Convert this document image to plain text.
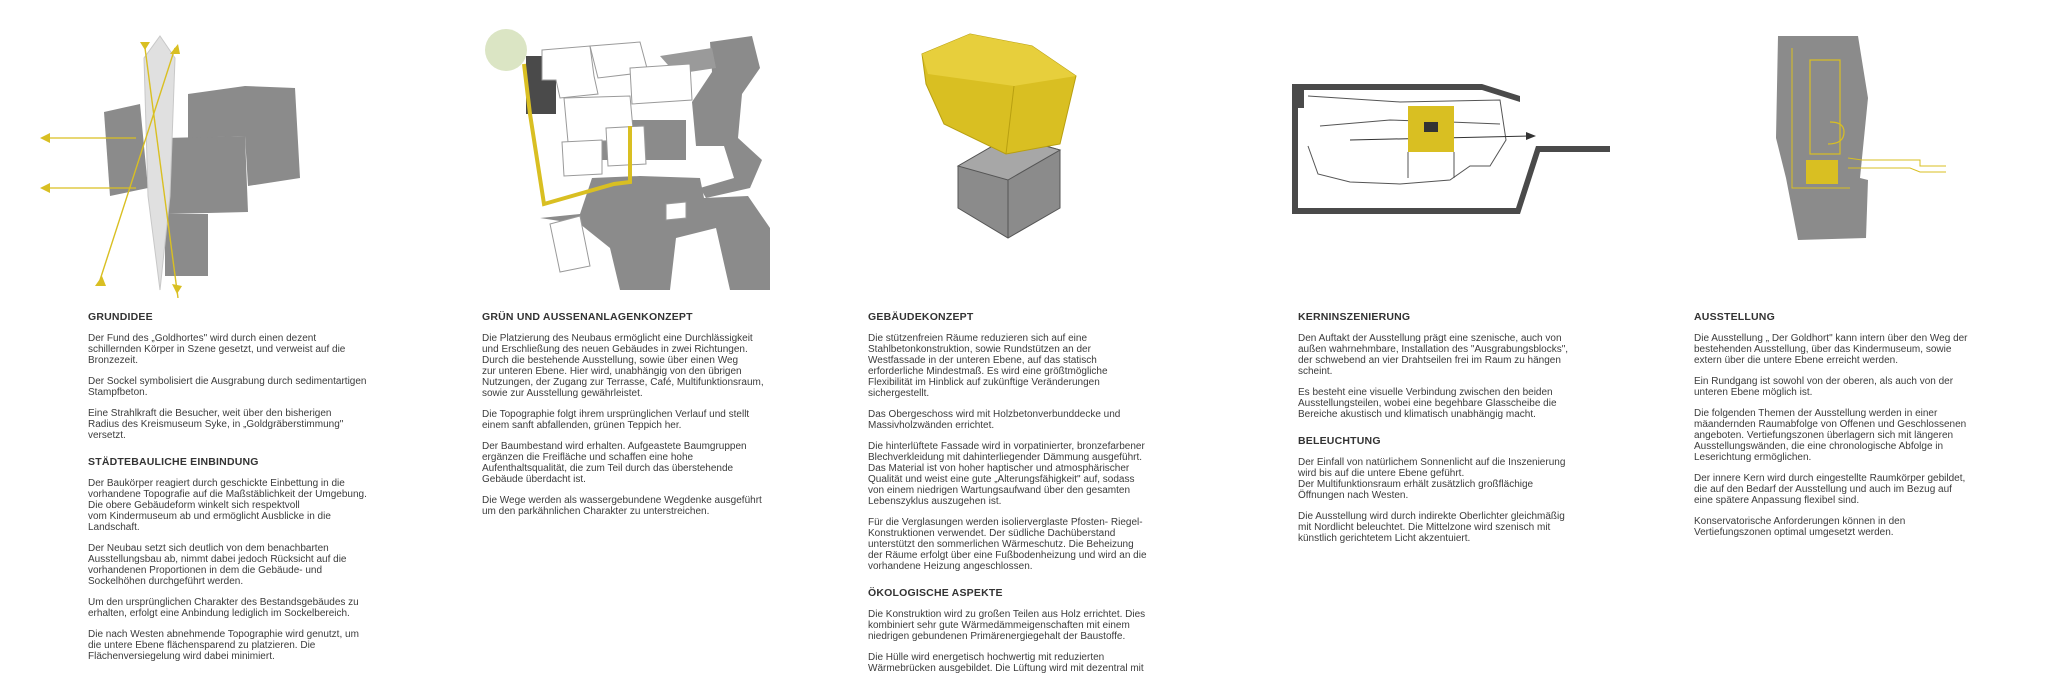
GRUNDIDEE

Der Fund des „Goldhortes" wird durch einen dezent
schillernden Körper in Szene gesetzt, und verweist auf die
Bronzezeit.

Der Sockel symbolisiert die Ausgrabung durch sedimentartigen
Stampfbeton.

Eine Strahlkraft die Besucher, weit über den bisherigen
Radius des Kreismuseum Syke, in „Goldgräberstimmung"
versetzt.

STÄDTEBAULICHE EINBINDUNG

Der Baukörper reagiert durch geschickte Einbettung in die
vorhandene Topografie auf die Maßstäblichkeit der Umgebung.
Die obere Gebäudeform winkelt sich respektvoll
vom Kindermuseum ab und ermöglicht Ausblicke in die
Landschaft.

Der Neubau setzt sich deutlich von dem benachbarten
Ausstellungsbau ab, nimmt dabei jedoch Rücksicht auf die
vorhandenen Proportionen in dem die Gebäude- und
Sockelhöhen durchgeführt werden.

Um den ursprünglichen Charakter des Bestandsgebäudes zu
erhalten, erfolgt eine Anbindung lediglich im Sockelbereich.

Die nach Westen abnehmende Topographie wird genutzt, um
die untere Ebene flächensparend zu platzieren. Die
Flächenversiegelung wird dabei minimiert.

GRÜN UND AUSSENANLAGENKONZEPT

Die Platzierung des Neubaus ermöglicht eine Durchlässigkeit
und Erschließung des neuen Gebäudes in zwei Richtungen.
Durch die bestehende Ausstellung, sowie über einen Weg
zur unteren Ebene. Hier wird, unabhängig von den übrigen
Nutzungen, der Zugang zur Terrasse, Café, Multifunktionsraum,
sowie zur Ausstellung gewährleistet.

Die Topographie folgt ihrem ursprünglichen Verlauf und stellt
einem sanft abfallenden, grünen Teppich her.

Der Baumbestand wird erhalten. Aufgeastete Baumgruppen
ergänzen die Freifläche und schaffen eine hohe
Aufenthaltsqualität, die zum Teil durch das überstehende
Gebäude überdacht ist.

Die Wege werden als wassergebundene Wegdenke ausgeführt
um den parkähnlichen Charakter zu unterstreichen.

GEBÄUDEKONZEPT

Die stützenfreien Räume reduzieren sich auf eine
Stahlbetonkonstruktion, sowie Rundstützen an der
Westfassade in der unteren Ebene, auf das statisch
erforderliche Mindestmaß. Es wird eine größtmögliche
Flexibilität im Hinblick auf zukünftige Veränderungen
sichergestellt.

Das Obergeschoss wird mit Holzbetonverbunddecke und
Massivholzwänden errichtet.

Die hinterlüftete Fassade wird in vorpatinierter, bronzefarbener
Blechverkleidung mit dahinterliegender Dämmung ausgeführt.
Das Material ist von hoher haptischer und atmosphärischer
Qualität und weist eine gute „Alterungsfähigkeit" auf, sodass
von einem niedrigen Wartungsaufwand über den gesamten
Lebenszyklus auszugehen ist.

Für die Verglasungen werden isolierverglaste Pfosten- Riegel-
Konstruktionen verwendet. Der südliche Dachüberstand
unterstützt den sommerlichen Wärmeschutz. Die Beheizung
der Räume erfolgt über eine Fußbodenheizung und wird an die
vorhandene Heizung angeschlossen.

ÖKOLOGISCHE ASPEKTE

Die Konstruktion wird zu großen Teilen aus Holz errichtet. Dies
kombiniert sehr gute Wärmedämmeigenschaften mit einem
niedrigen gebundenen Primärenergiegehalt der Baustoffe.

Die Hülle wird energetisch hochwertig mit reduzierten
Wärmebrücken ausgebildet. Die Lüftung wird mit dezentral mit

KERNINSZENIERUNG

Den Auftakt der Ausstellung prägt eine szenische, auch von
außen wahrnehmbare, Installation des "Ausgrabungsblocks",
der schwebend an vier Drahtseilen frei im Raum zu hängen
scheint.

Es besteht eine visuelle Verbindung zwischen den beiden
Ausstellungsteilen, wobei eine begehbare Glasscheibe die
Bereiche akustisch und klimatisch unabhängig macht.

BELEUCHTUNG

Der Einfall von natürlichem Sonnenlicht auf die Inszenierung
wird bis auf die untere Ebene geführt.
Der Multifunktionsraum erhält zusätzlich großflächige
Öffnungen nach Westen.

Die Ausstellung wird durch indirekte Oberlichter gleichmäßig
mit Nordlicht beleuchtet. Die Mittelzone wird szenisch mit
künstlich gerichtetem Licht akzentuiert.

AUSSTELLUNG

Die Ausstellung „ Der Goldhort" kann intern über den Weg der
bestehenden Ausstellung, über das Kindermuseum, sowie
extern über die untere Ebene erreicht werden.

Ein Rundgang ist sowohl von der oberen, als auch von der
unteren Ebene möglich ist.

Die folgenden Themen der Ausstellung werden in einer
mäandernden Raumabfolge von Offenen und Geschlossenen
angeboten. Vertiefungszonen überlagern sich mit längeren
Ausstellungswänden, die eine chronologische Abfolge in
Leserichtung ermöglichen.

Der innere Kern wird durch eingestellte Raumkörper gebildet,
die auf den Bedarf der Ausstellung und auch im Bezug auf
eine spätere Anpassung flexibel sind.

Konservatorische Anforderungen können in den
Vertiefungszonen optimal umgesetzt werden.
